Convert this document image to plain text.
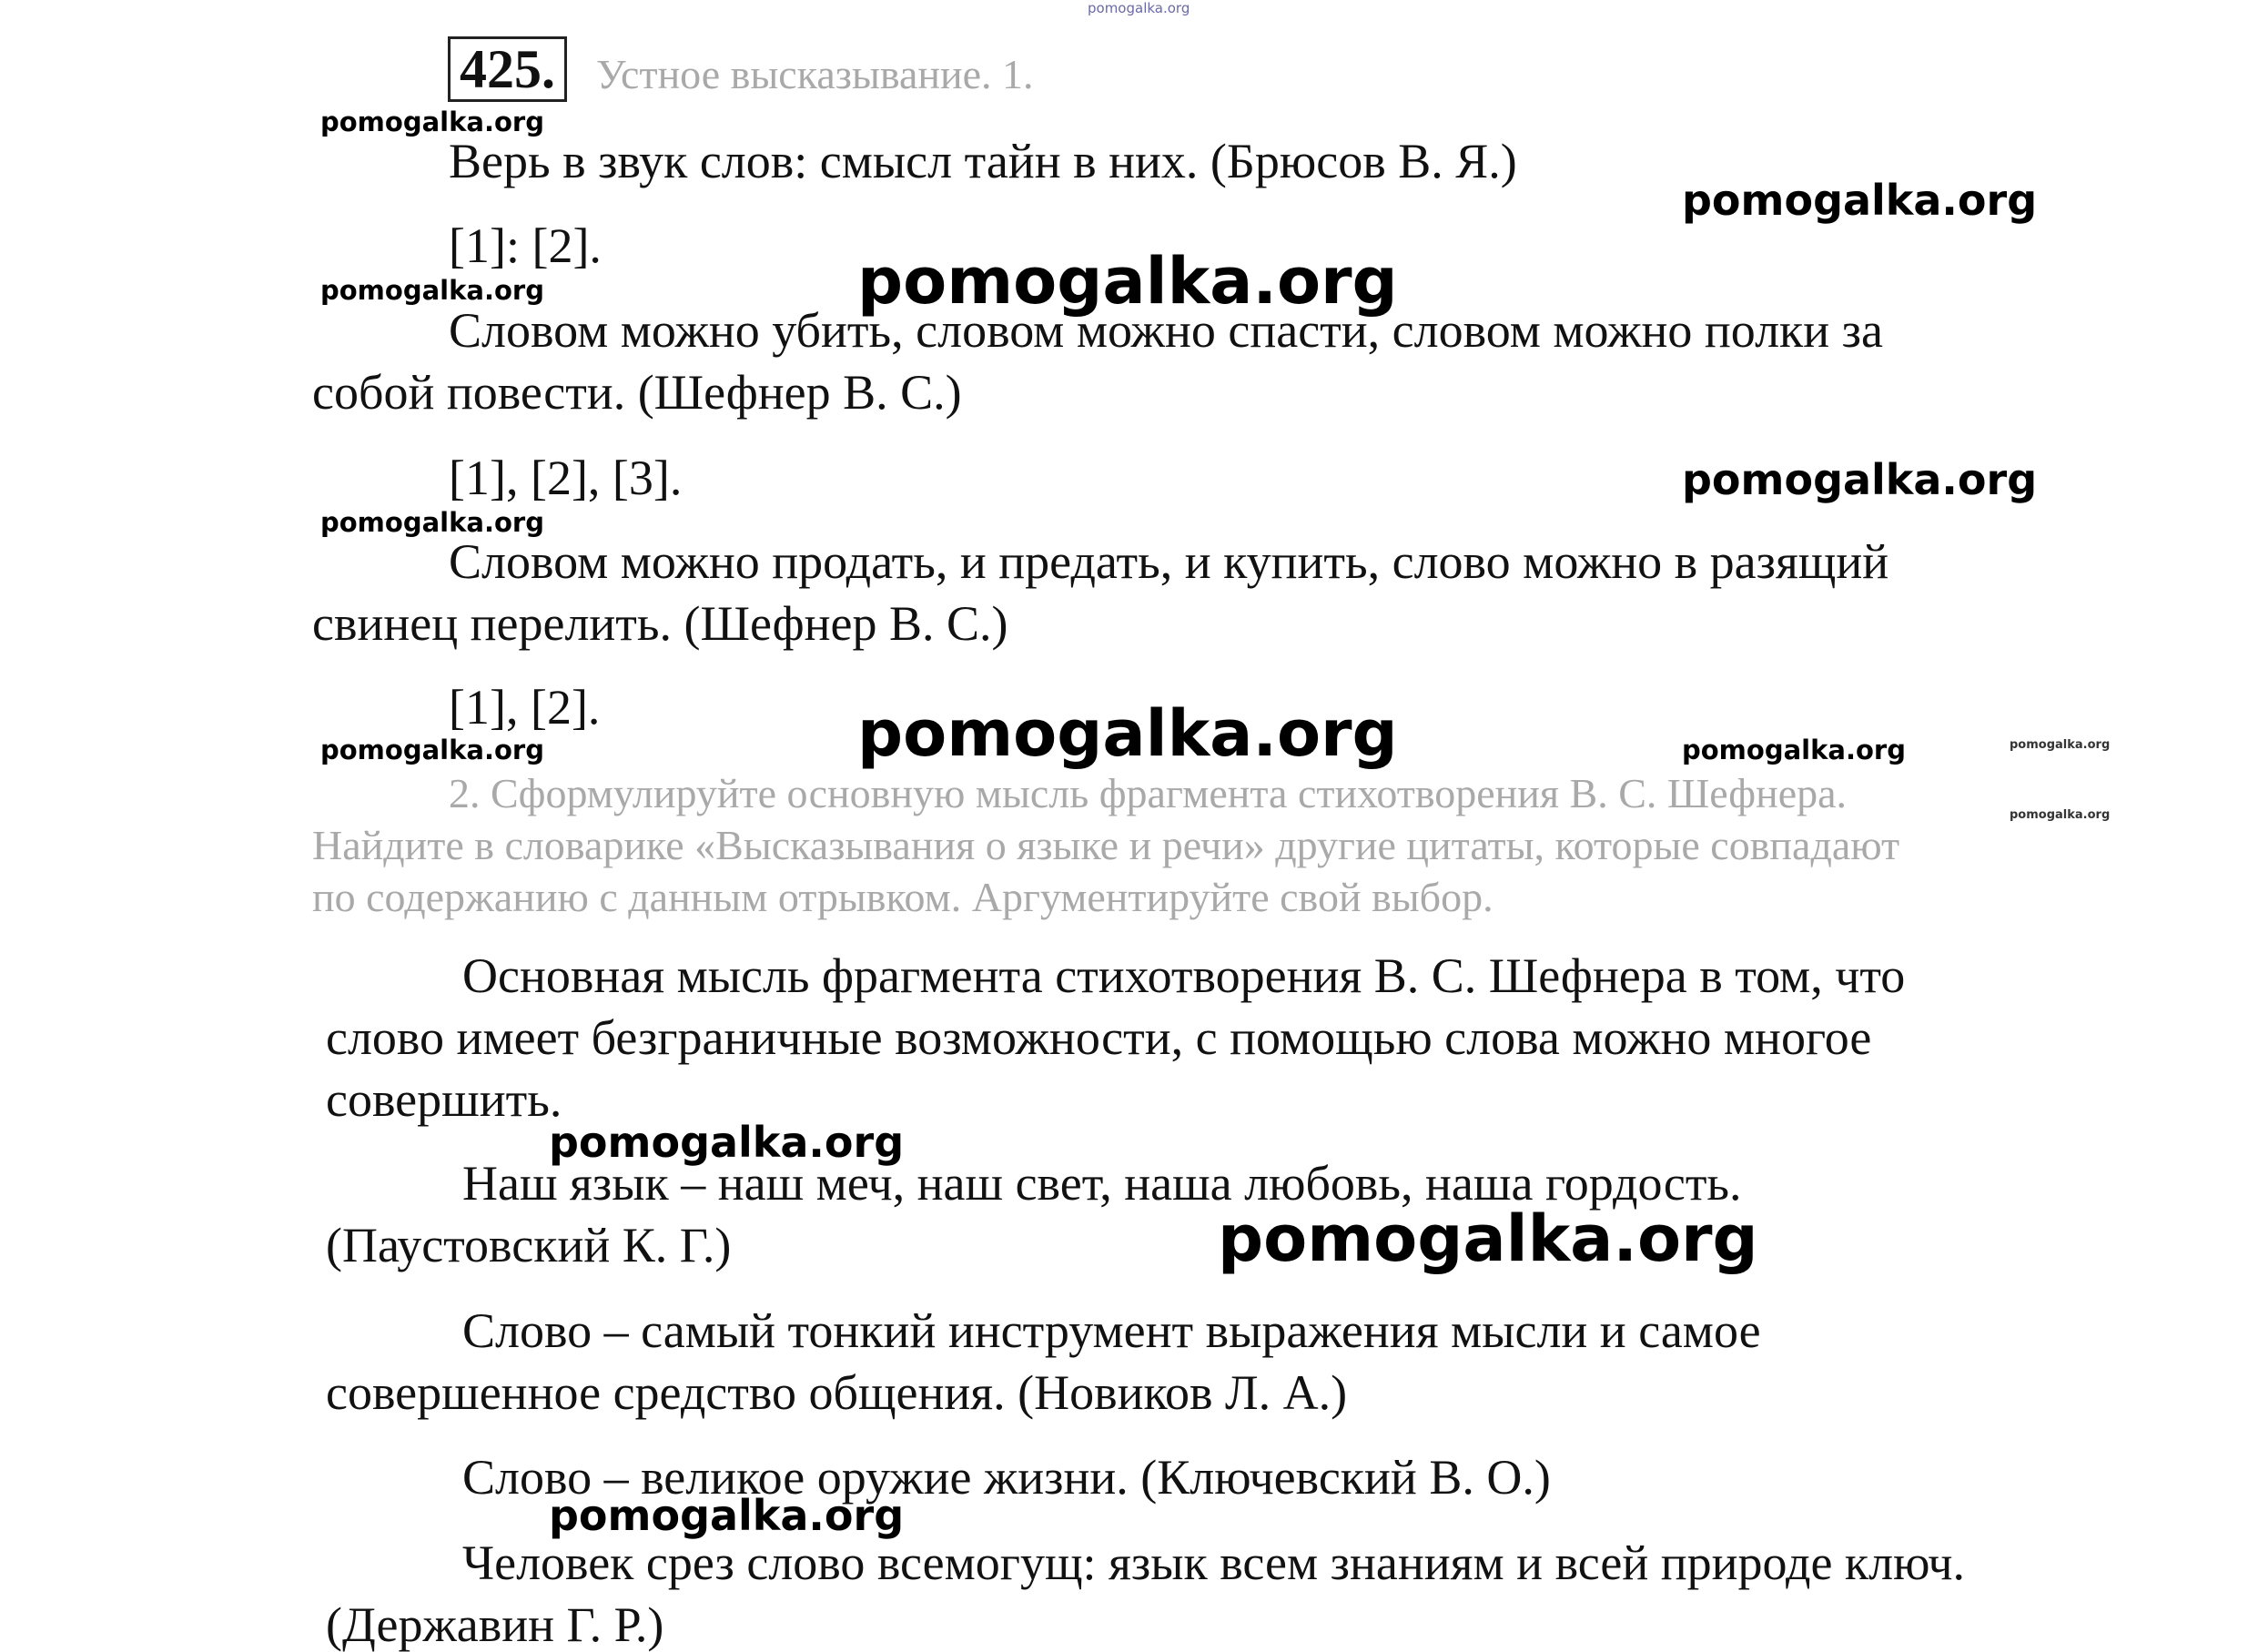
pomogalka.org
425. Устное высказывание. 1.
pomogalka.org
pomogalka.org
pomogalka.org	pomogalka.org
pomogalka.org
pomogalka.org
pomogalka.org
pomogalka.org	pomogalka.org	pomogalka.org
pomogalka.org
pomogalka.org
pomogalka.org
pomogalka.org
Верь в звук слов: смысл тайн в них. (Брюсов В. Я.)
[1]: [2].
Словом можно убить, словом можно спасти, словом можно полки за
собой повести. (Шефнер В. С.)
[1], [2], [3].
Словом можно продать, и предать, и купить, слово можно в разящий
свинец перелить. (Шефнер В. С.)
[1], [2].
2. Сформулируйте основную мысль фрагмента стихотворения В. С. Шефнера.
Найдите в словарике «Высказывания о языке и речи» другие цитаты, которые совпадают
по содержанию с данным отрывком. Аргументируйте свой выбор.
Основная мысль фрагмента стихотворения В. С. Шефнера в том, что
слово имеет безграничные возможности, с помощью слова можно многое
совершить.
Наш язык – наш меч, наш свет, наша любовь, наша гордость.
(Паустовский К. Г.)
Слово – самый тонкий инструмент выражения мысли и самое
совершенное средство общения. (Новиков Л. А.)
Слово – великое оружие жизни. (Ключевский В. О.)
Человек срез слово всемогущ: язык всем знаниям и всей природе ключ.
(Державин Г. Р.)
